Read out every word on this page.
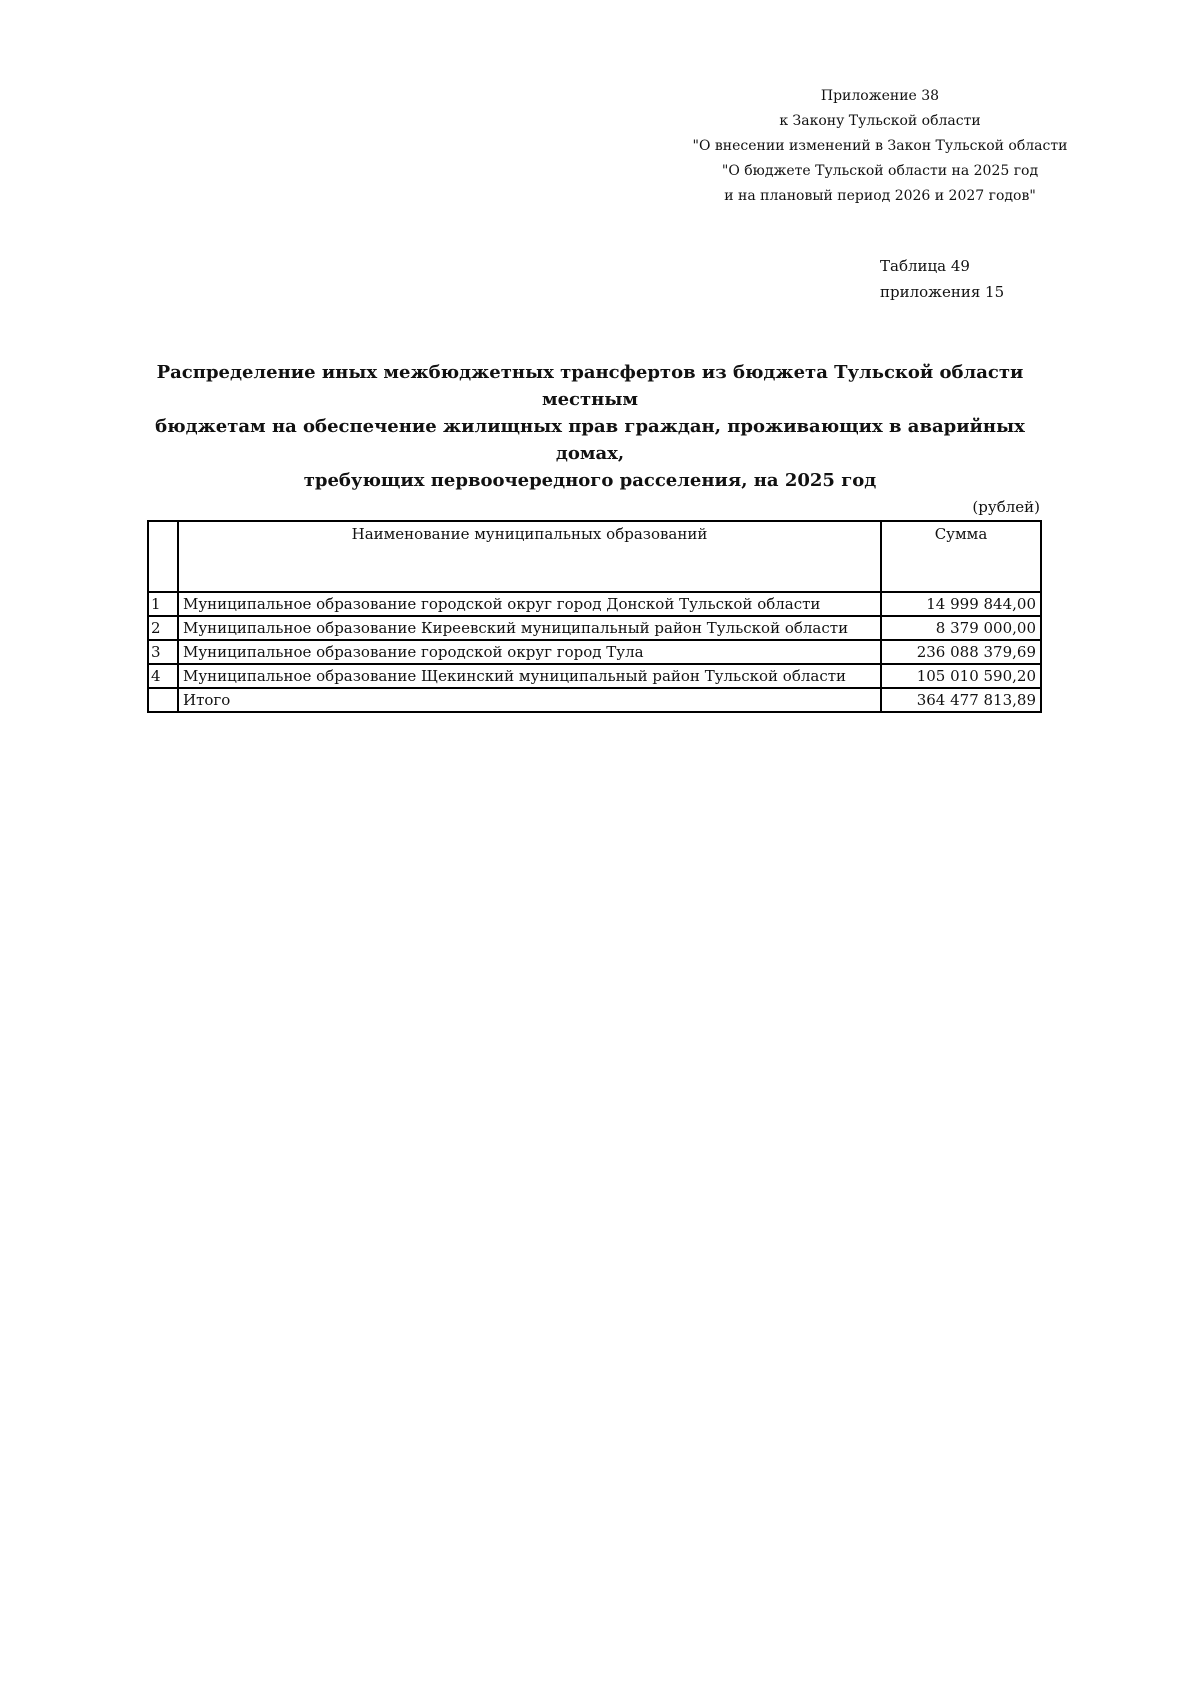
Приложение 38
к Закону Тульской области
"О внесении изменений в Закон Тульской области
"О бюджете Тульской области на 2025 год
и на плановый период 2026 и 2027 годов"
Таблица 49
приложения 15
Распределение иных межбюджетных трансфертов из бюджета Тульской области местным
бюджетам на обеспечение жилищных прав граждан, проживающих в аварийных домах,
требующих первоочередного расселения, на 2025 год
(рублей)
	Наименование муниципальных образований	Сумма
1	Муниципальное образование городской округ город Донской Тульской области	14 999 844,00
2	Муниципальное образование Киреевский муниципальный район Тульской области	8 379 000,00
3	Муниципальное образование городской округ город Тула	236 088 379,69
4	Муниципальное образование Щекинский муниципальный район Тульской области	105 010 590,20
	Итого	364 477 813,89
